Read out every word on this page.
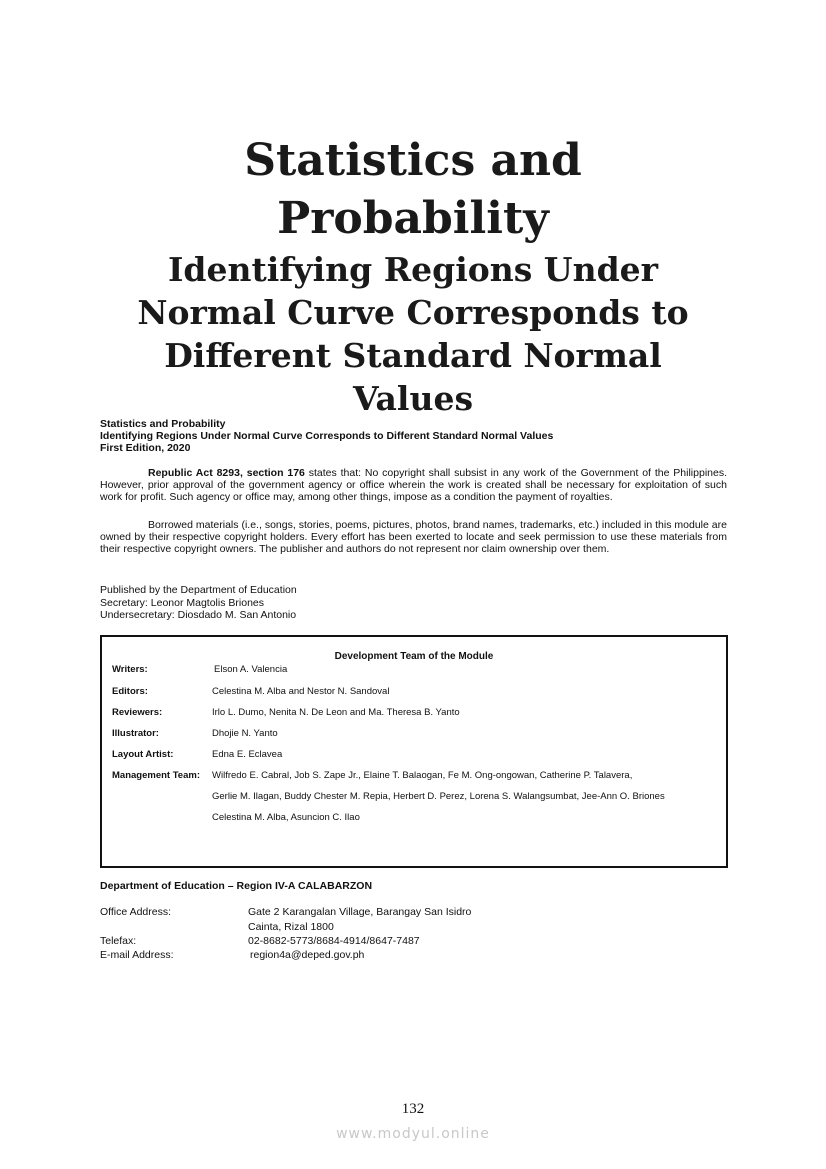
Statistics and
Probability
Identifying Regions Under
Normal Curve Corresponds to
Different Standard Normal
Values
Statistics and Probability
Identifying Regions Under Normal Curve Corresponds to Different Standard Normal Values
First Edition, 2020
Republic Act 8293, section 176 states that: No copyright shall subsist in any work of the Government of the Philippines. However, prior approval of the government agency or office wherein the work is created shall be necessary for exploitation of such work for profit. Such agency or office may, among other things, impose as a condition the payment of royalties.
Borrowed materials (i.e., songs, stories, poems, pictures, photos, brand names, trademarks, etc.) included in this module are owned by their respective copyright holders. Every effort has been exerted to locate and seek permission to use these materials from their respective copyright owners. The publisher and authors do not represent nor claim ownership over them.
Published by the Department of Education
Secretary: Leonor Magtolis Briones
Undersecretary: Diosdado M. San Antonio
Development Team of the Module
Writers:	Elson A. Valencia
Editors:	Celestina M. Alba and Nestor N. Sandoval
Reviewers:	Irlo L. Dumo, Nenita N. De Leon and Ma. Theresa B. Yanto
Illustrator:	Dhojie N. Yanto
Layout Artist:	Edna E. Eclavea
Management Team:	Wilfredo E. Cabral, Job S. Zape Jr., Elaine T. Balaogan, Fe M. Ong-ongowan, Catherine P. Talavera,
Gerlie M. Ilagan, Buddy Chester M. Repia, Herbert D. Perez, Lorena S. Walangsumbat, Jee-Ann O. Briones
Celestina M. Alba, Asuncion C. Ilao
Department of Education – Region IV-A CALABARZON
Office Address:	Gate 2 Karangalan Village, Barangay San Isidro
Cainta, Rizal 1800
Telefax:	02-8682-5773/8684-4914/8647-7487
E-mail Address:	region4a@deped.gov.ph
132
www.modyul.online
